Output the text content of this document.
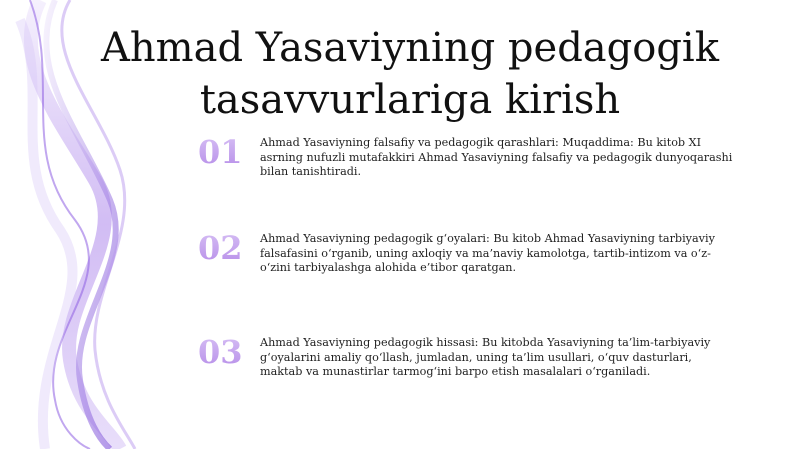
Ahmad Yasaviyning pedagogik
tasavvurlariga kirish
01	Ahmad Yasaviyning falsafiy va pedagogik qarashlari: Muqaddima: Bu kitob XI asrning nufuzli mutafakkiri Ahmad Yasaviyning falsafiy va pedagogik dunyoqarashi bilan tanishtiradi.
02	Ahmad Yasaviyning pedagogik g‘oyalari: Bu kitob Ahmad Yasaviyning tarbiyaviy falsafasini o‘rganib, uning axloqiy va ma’naviy kamolotga, tartib-intizom va o‘z-o‘zini tarbiyalashga alohida e’tibor qaratgan.
03	Ahmad Yasaviyning pedagogik hissasi: Bu kitobda Yasaviyning ta’lim-tarbiyaviy g‘oyalarini amaliy qo‘llash, jumladan, uning ta’lim usullari, o‘quv dasturlari, maktab va munastirlar tarmog‘ini barpo etish masalalari o‘rganiladi.
